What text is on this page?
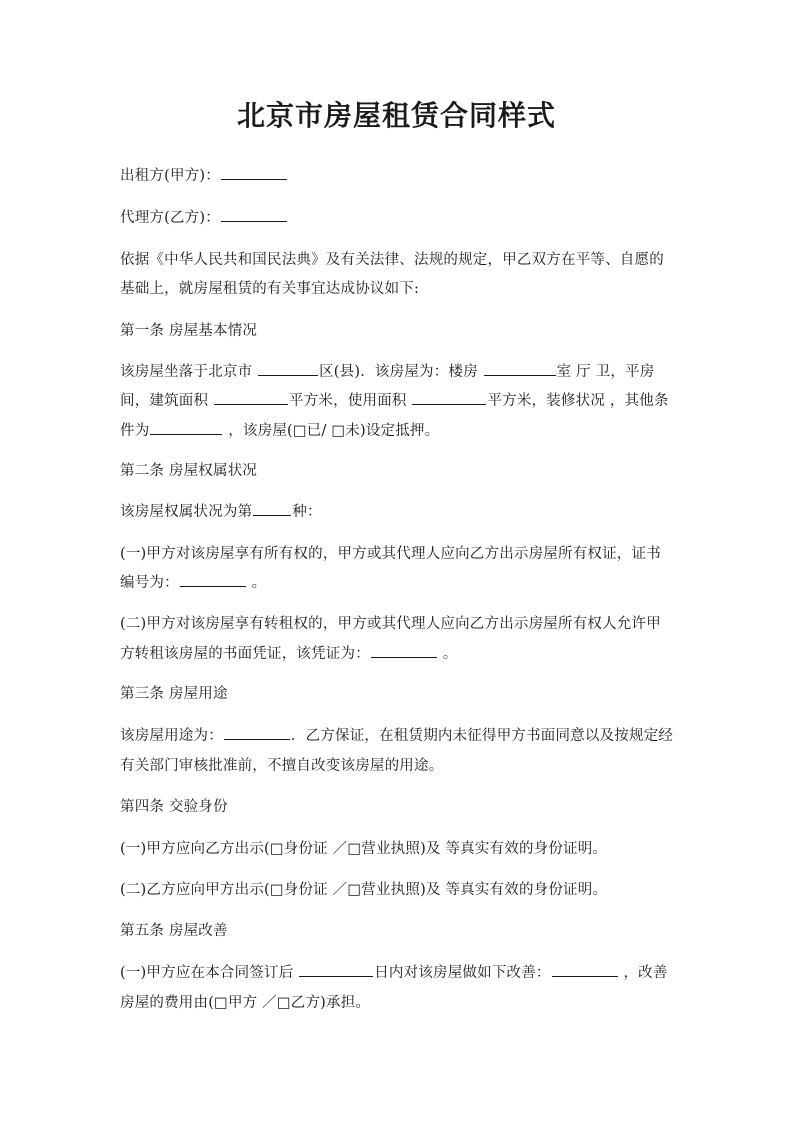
北京市房屋租赁合同样式
出租方(甲方)：
代理方(乙方)：
依据《中华人民共和国民法典》及有关法律、法规的规定，甲乙双方在平等、自愿的
基础上，就房屋租赁的有关事宜达成协议如下:
第一条 房屋基本情况
该房屋坐落于北京市	区(县)．该房屋为：楼房	室 厅 卫，平房
间，建筑面积	平方米，使用面积	平方米，装修状况 ，其他条
件为	，该房屋(□已/ □未)设定抵押。
第二条 房屋权属状况
该房屋权属状况为第	种：
(一)甲方对该房屋享有所有权的，甲方或其代理人应向乙方出示房屋所有权证，证书
编号为：	。
(二)甲方对该房屋享有转租权的，甲方或其代理人应向乙方出示房屋所有权人允许甲
方转租该房屋的书面凭证，该凭证为：	。
第三条 房屋用途
该房屋用途为：	．乙方保证，在租赁期内未征得甲方书面同意以及按规定经
有关部门审核批准前，不擅自改变该房屋的用途。
第四条 交验身份
(一)甲方应向乙方出示(□身份证 ／□营业执照)及 等真实有效的身份证明。
(二)乙方应向甲方出示(□身份证 ／□营业执照)及 等真实有效的身份证明。
第五条 房屋改善
(一)甲方应在本合同签订后	日内对该房屋做如下改善：	，改善
房屋的费用由(□甲方 ／□乙方)承担。
